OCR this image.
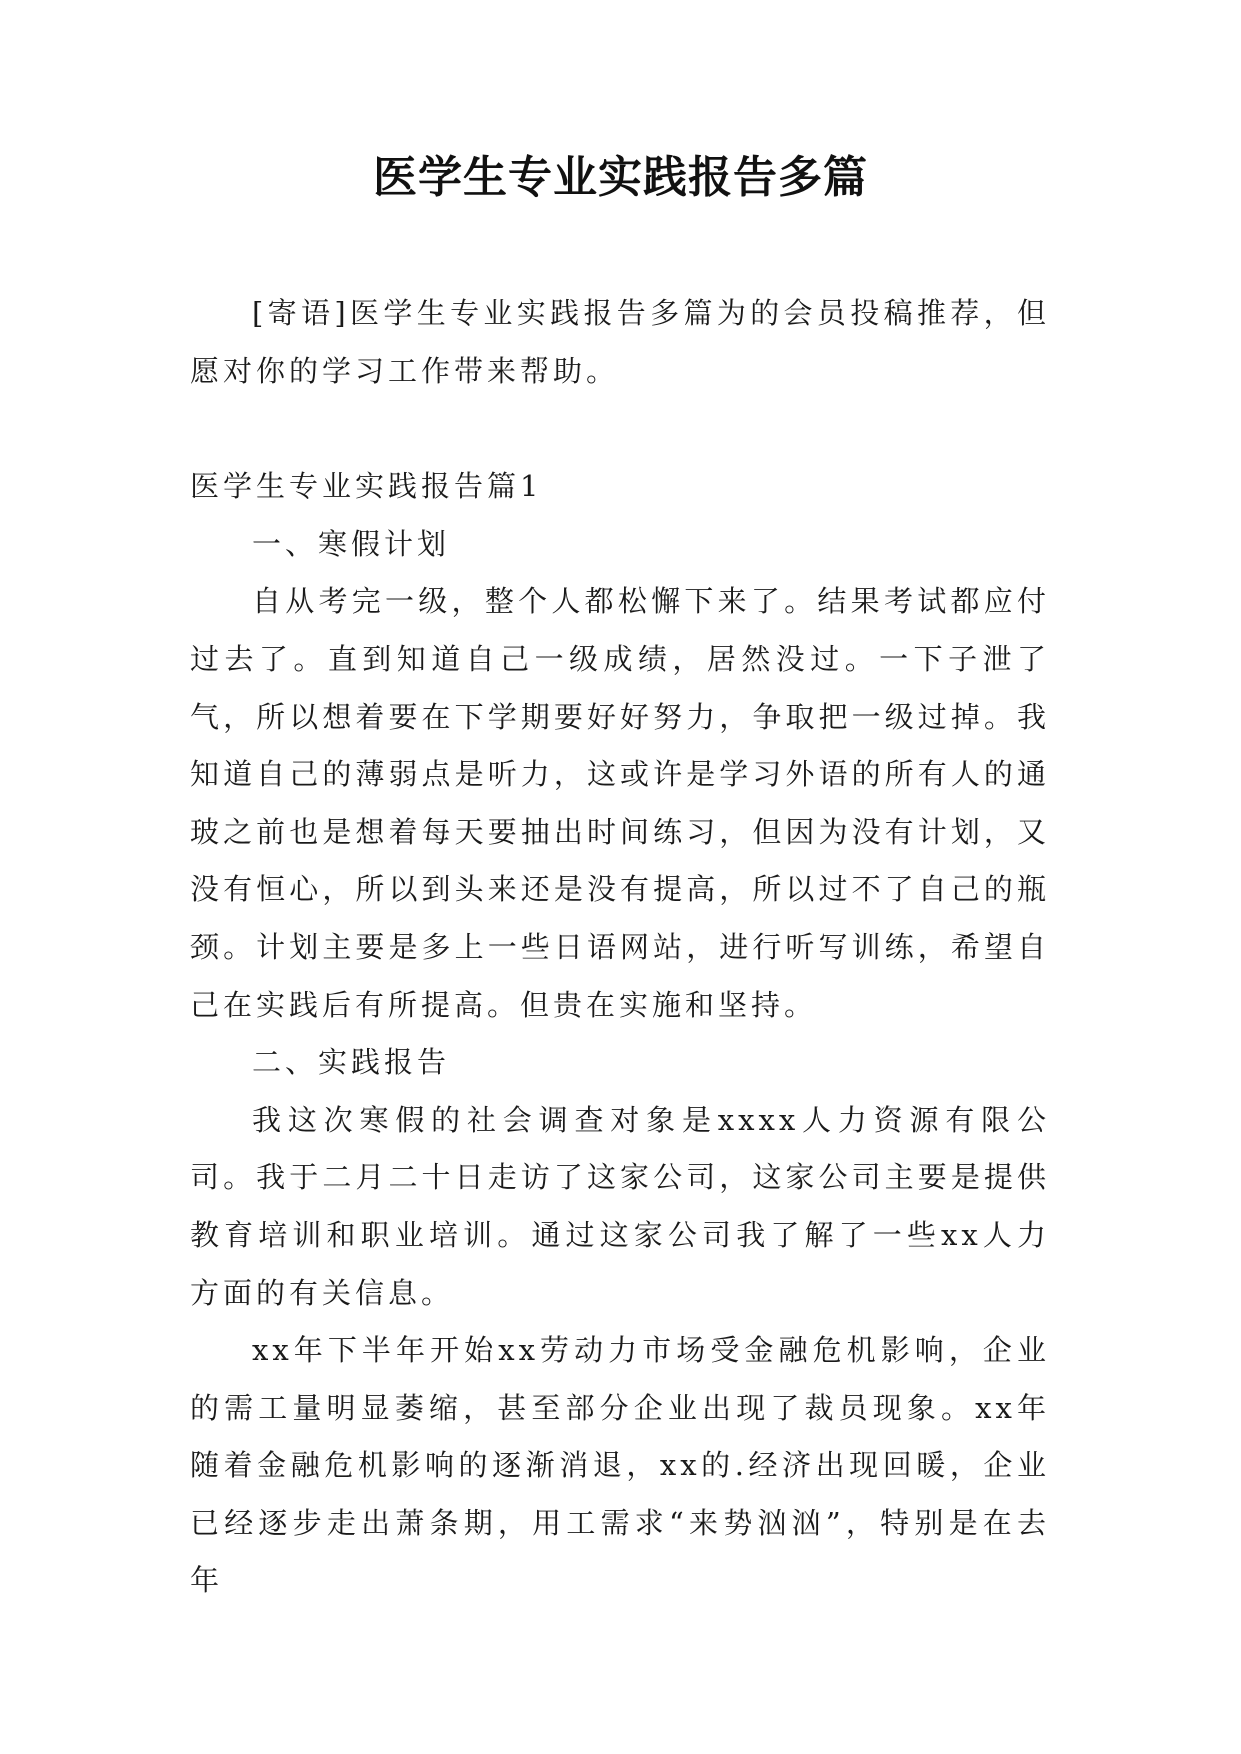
医学生专业实践报告多篇

[寄语]医学生专业实践报告多篇为的会员投稿推荐，但愿对你的学习工作带来帮助。

医学生专业实践报告篇1

一、寒假计划

自从考完一级，整个人都松懈下来了。结果考试都应付过去了。直到知道自己一级成绩，居然没过。一下子泄了气，所以想着要在下学期要好好努力，争取把一级过掉。我知道自己的薄弱点是听力，这或许是学习外语的所有人的通玻之前也是想着每天要抽出时间练习，但因为没有计划，又没有恒心，所以到头来还是没有提高，所以过不了自己的瓶颈。计划主要是多上一些日语网站，进行听写训练，希望自己在实践后有所提高。但贵在实施和坚持。

二、实践报告

我这次寒假的社会调查对象是xxxx人力资源有限公司。我于二月二十日走访了这家公司，这家公司主要是提供教育培训和职业培训。通过这家公司我了解了一些xx人力方面的有关信息。

xx年下半年开始xx劳动力市场受金融危机影响，企业的需工量明显萎缩，甚至部分企业出现了裁员现象。xx年随着金融危机影响的逐渐消退，xx的.经济出现回暖，企业已经逐步走出萧条期，用工需求“来势汹汹”，特别是在去年
